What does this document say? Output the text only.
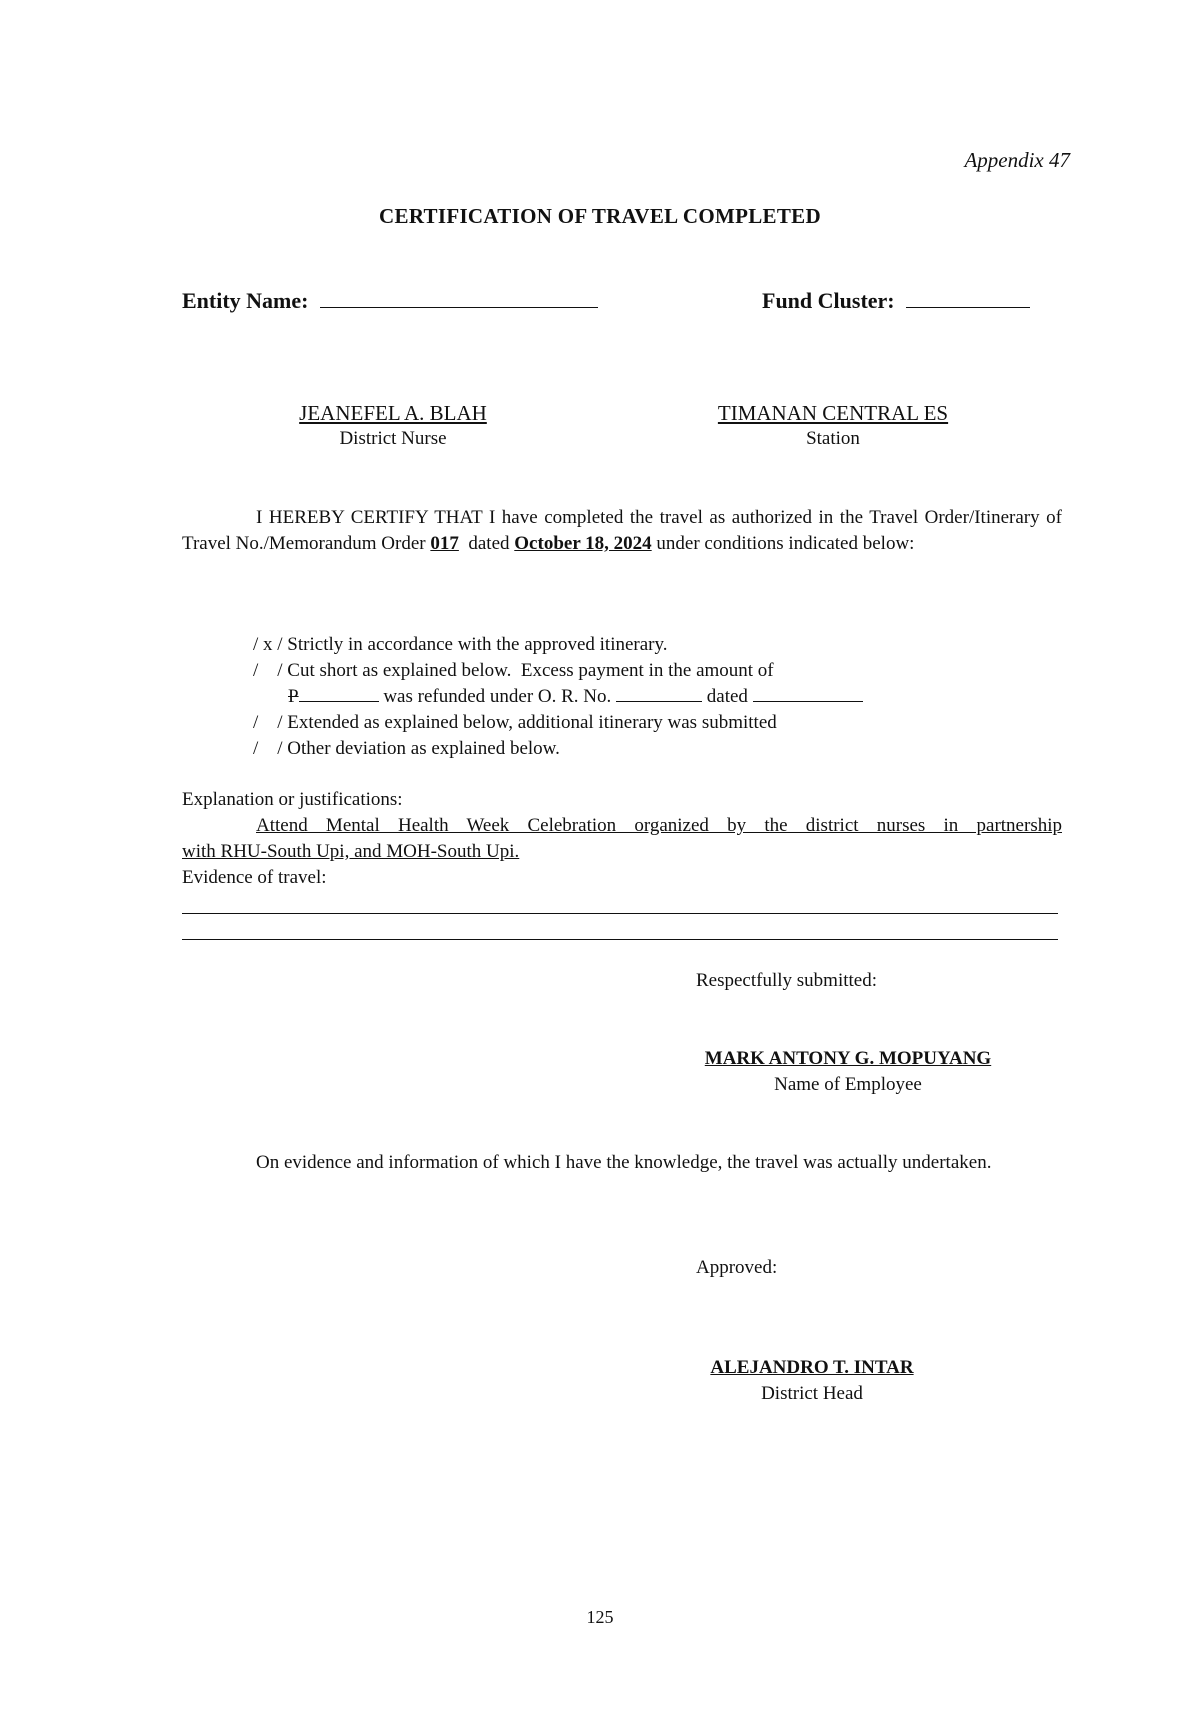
Appendix 47
CERTIFICATION OF TRAVEL COMPLETED
Entity Name:	Fund Cluster:
JEANEFEL A. BLAH
District Nurse
TIMANAN CENTRAL ES
Station
I HEREBY CERTIFY THAT I have completed the travel as authorized in the Travel Order/Itinerary of Travel No./Memorandum Order 017 dated October 18, 2024 under conditions indicated below:
/ x / Strictly in accordance with the approved itinerary.
/    / Cut short as explained below.  Excess payment in the amount of
P	was refunded under O. R. No.	dated
/    / Extended as explained below, additional itinerary was submitted
/    / Other deviation as explained below.
Explanation or justifications:
Attend Mental Health Week Celebration organized by the district nurses in partnership
with RHU-South Upi, and MOH-South Upi.
Evidence of travel:
Respectfully submitted:
MARK ANTONY G. MOPUYANG
Name of Employee
On evidence and information of which I have the knowledge, the travel was actually undertaken.
Approved:
ALEJANDRO T. INTAR
District Head
125
